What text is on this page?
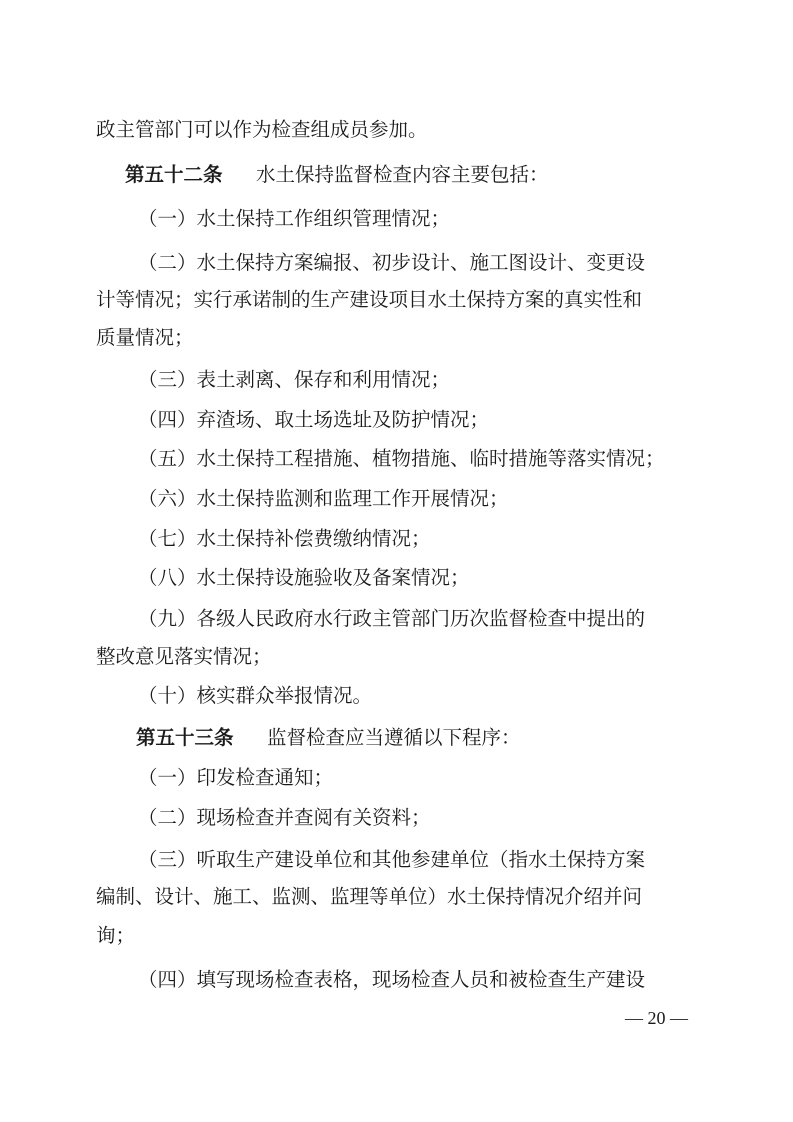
政主管部门可以作为检查组成员参加。
第五十二条 水土保持监督检查内容主要包括：
（一）水土保持工作组织管理情况；
（二）水土保持方案编报、初步设计、施工图设计、变更设
计等情况；实行承诺制的生产建设项目水土保持方案的真实性和
质量情况；
（三）表土剥离、保存和利用情况；
（四）弃渣场、取土场选址及防护情况；
（五）水土保持工程措施、植物措施、临时措施等落实情况；
（六）水土保持监测和监理工作开展情况；
（七）水土保持补偿费缴纳情况；
（八）水土保持设施验收及备案情况；
（九）各级人民政府水行政主管部门历次监督检查中提出的
整改意见落实情况；
（十）核实群众举报情况。
第五十三条 监督检查应当遵循以下程序：
（一）印发检查通知；
（二）现场检查并查阅有关资料；
（三）听取生产建设单位和其他参建单位（指水土保持方案
编制、设计、施工、监测、监理等单位）水土保持情况介绍并问
询；
（四）填写现场检查表格，现场检查人员和被检查生产建设
— 20 —
